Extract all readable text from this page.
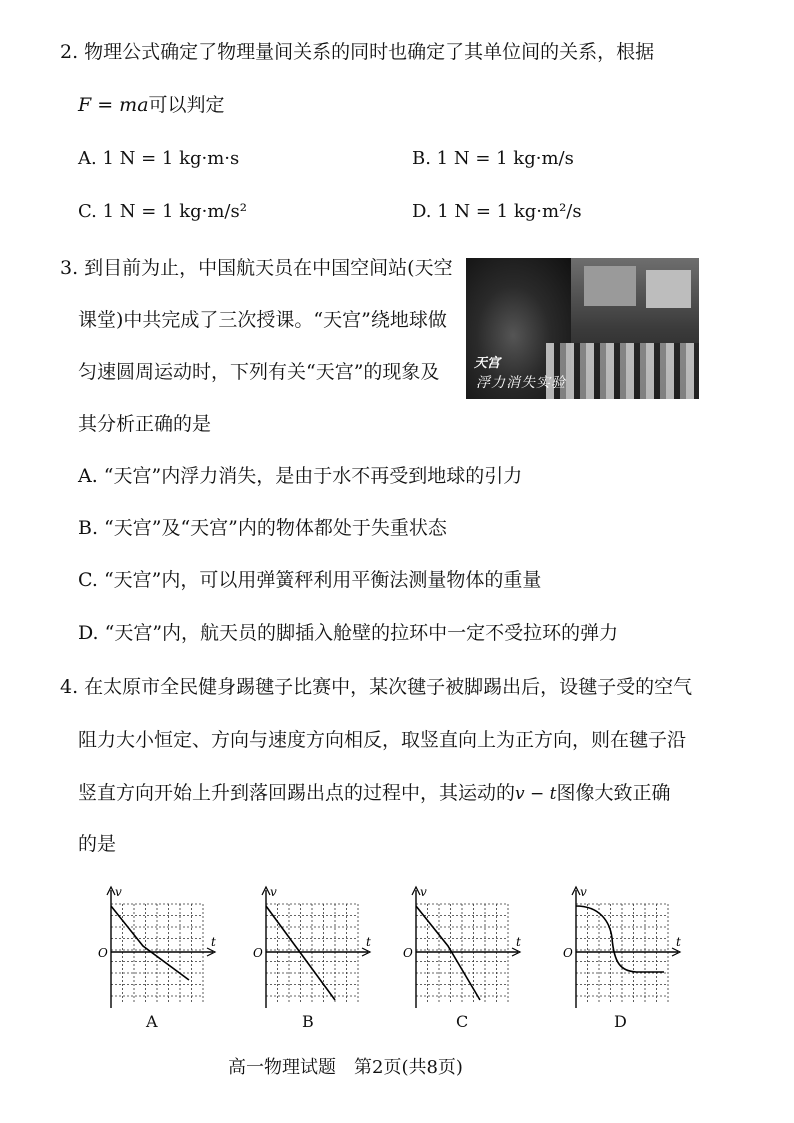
2. 物理公式确定了物理量间关系的同时也确定了其单位间的关系，根据
F = ma可以判定
A. 1 N = 1 kg·m·s	B. 1 N = 1 kg·m/s
C. 1 N = 1 kg·m/s²	D. 1 N = 1 kg·m²/s
3. 到目前为止，中国航天员在中国空间站(天空
课堂)中共完成了三次授课。“天宫”绕地球做
匀速圆周运动时，下列有关“天宫”的现象及
其分析正确的是
天宫
浮力消失实验
A. “天宫”内浮力消失，是由于水不再受到地球的引力
B. “天宫”及“天宫”内的物体都处于失重状态
C. “天宫”内，可以用弹簧秤利用平衡法测量物体的重量
D. “天宫”内，航天员的脚插入舱壁的拉环中一定不受拉环的弹力
4. 在太原市全民健身踢毽子比赛中，某次毽子被脚踢出后，设毽子受的空气
阻力大小恒定、方向与速度方向相反，取竖直向上为正方向，则在毽子沿
竖直方向开始上升到落回踢出点的过程中，其运动的v − t图像大致正确
的是
v
t
O
v
t
O
v
t
O
v
t
O
A	B	C	D
高一物理试题　第2页(共8页)
